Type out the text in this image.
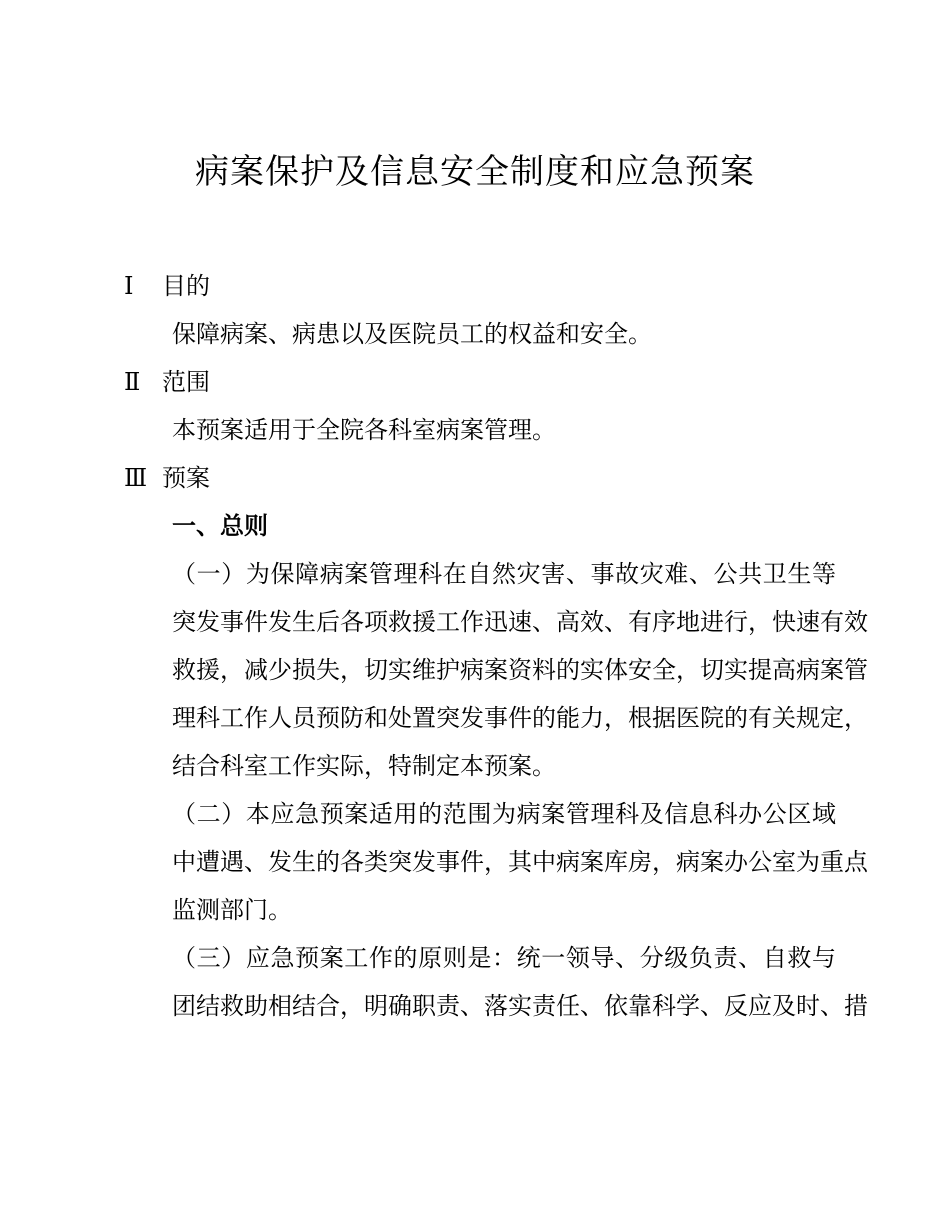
病案保护及信息安全制度和应急预案
Ⅰ 目的
保障病案、病患以及医院员工的权益和安全。
Ⅱ 范围
本预案适用于全院各科室病案管理。
Ⅲ 预案
一、总则
（一）为保障病案管理科在自然灾害、事故灾难、公共卫生等
突发事件发生后各项救援工作迅速、高效、有序地进行，快速有效
救援，减少损失，切实维护病案资料的实体安全，切实提高病案管
理科工作人员预防和处置突发事件的能力，根据医院的有关规定，
结合科室工作实际，特制定本预案。
（二）本应急预案适用的范围为病案管理科及信息科办公区域
中遭遇、发生的各类突发事件，其中病案库房，病案办公室为重点
监测部门。
（三）应急预案工作的原则是：统一领导、分级负责、自救与
团结救助相结合，明确职责、落实责任、依靠科学、反应及时、措
